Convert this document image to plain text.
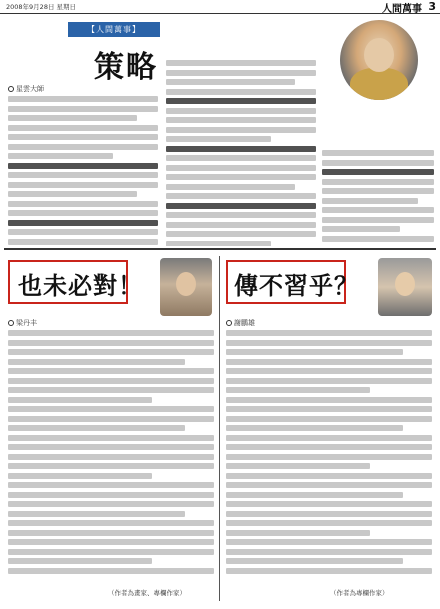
2008年9月28日 星期日	人間萬事 3
【人間萬事】
策略
星雲大師
也未必對！
梁丹丰
（作者為畫家、專欄作家）
傳不習乎？
謝鵬雄
（作者為專欄作家）
